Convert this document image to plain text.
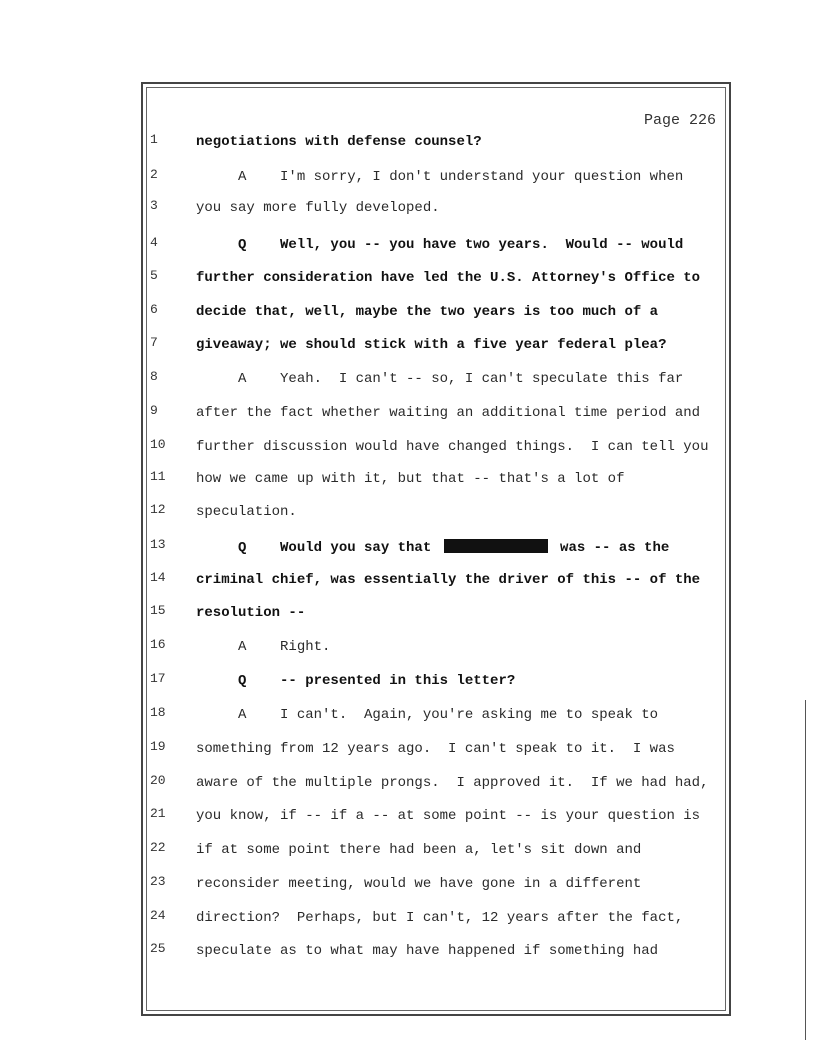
Page 226
1	negotiations with defense counsel?
2	A    I'm sorry, I don't understand your question when
3	you say more fully developed.
4	Q    Well, you -- you have two years.  Would -- would
5	further consideration have led the U.S. Attorney's Office to
6	decide that, well, maybe the two years is too much of a
7	giveaway; we should stick with a five year federal plea?
8	A    Yeah.  I can't -- so, I can't speculate this far
9	after the fact whether waiting an additional time period and
10	further discussion would have changed things.  I can tell you
11	how we came up with it, but that -- that's a lot of
12	speculation.
13	Q    Would you say that	was -- as the
14	criminal chief, was essentially the driver of this -- of the
15	resolution --
16	A    Right.
17	Q    -- presented in this letter?
18	A    I can't.  Again, you're asking me to speak to
19	something from 12 years ago.  I can't speak to it.  I was
20	aware of the multiple prongs.  I approved it.  If we had had,
21	you know, if -- if a -- at some point -- is your question is
22	if at some point there had been a, let's sit down and
23	reconsider meeting, would we have gone in a different
24	direction?  Perhaps, but I can't, 12 years after the fact,
25	speculate as to what may have happened if something had
